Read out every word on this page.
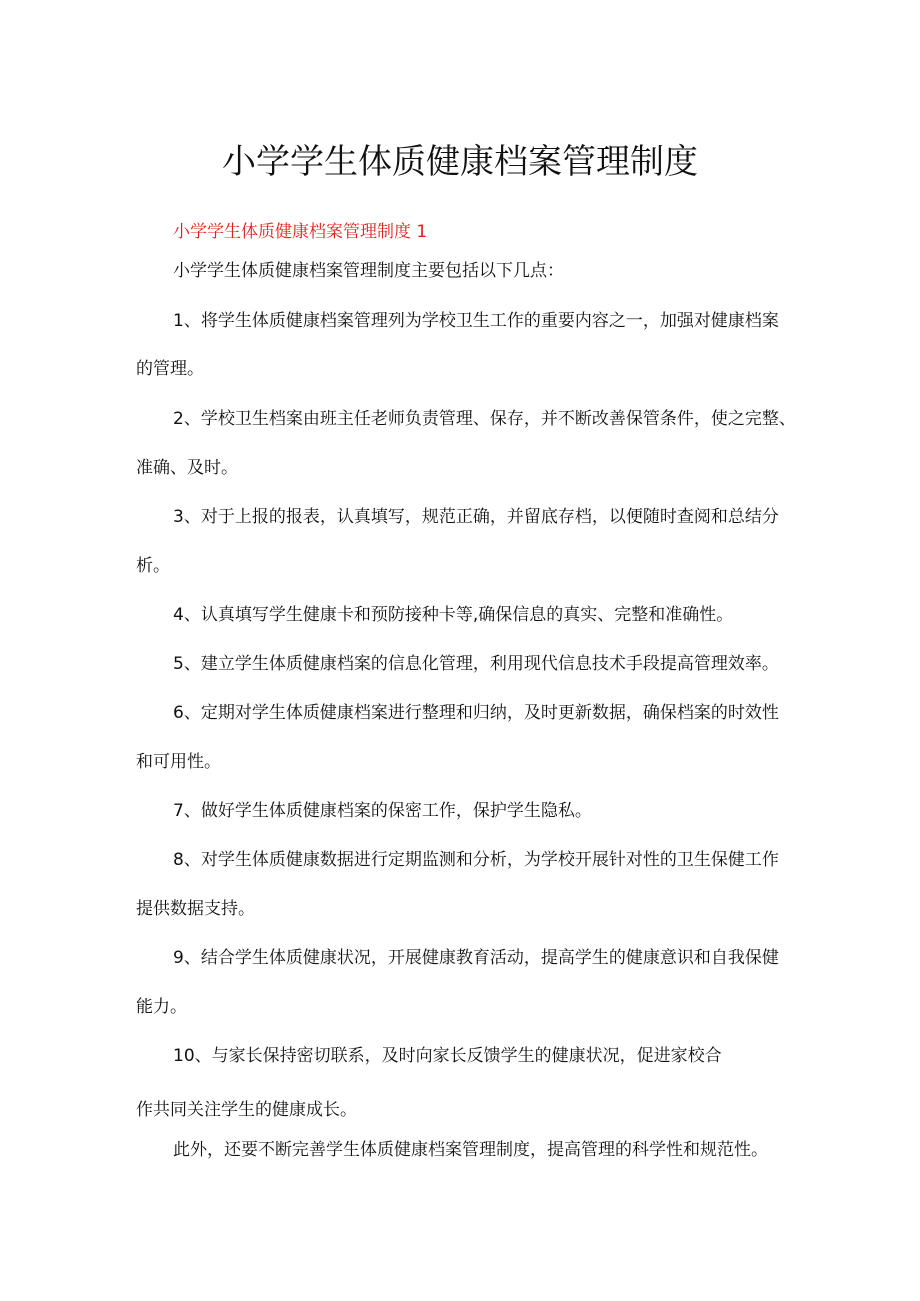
小学学生体质健康档案管理制度

小学学生体质健康档案管理制度 1

小学学生体质健康档案管理制度主要包括以下几点：

1、将学生体质健康档案管理列为学校卫生工作的重要内容之一，加强对健康档案

的管理。

2、学校卫生档案由班主任老师负责管理、保存，并不断改善保管条件，使之完整、

准确、及时。

3、对于上报的报表，认真填写，规范正确，并留底存档，以便随时查阅和总结分

析。

4、认真填写学生健康卡和预防接种卡等,确保信息的真实、完整和准确性。

5、建立学生体质健康档案的信息化管理，利用现代信息技术手段提高管理效率。

6、定期对学生体质健康档案进行整理和归纳，及时更新数据，确保档案的时效性

和可用性。

7、做好学生体质健康档案的保密工作，保护学生隐私。

8、对学生体质健康数据进行定期监测和分析，为学校开展针对性的卫生保健工作

提供数据支持。

9、结合学生体质健康状况，开展健康教育活动，提高学生的健康意识和自我保健

能力。

10、与家长保持密切联系，及时向家长反馈学生的健康状况，促进家校合

作共同关注学生的健康成长。

此外，还要不断完善学生体质健康档案管理制度，提高管理的科学性和规范性。
